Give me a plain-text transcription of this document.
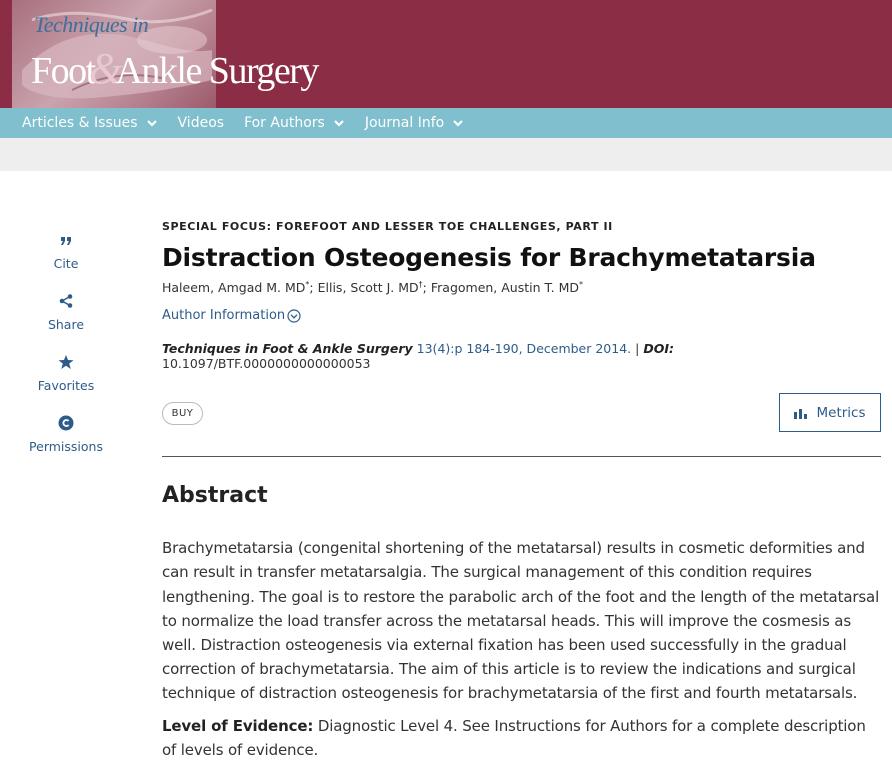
Techniques in
Foot&Ankle Surgery
Articles & Issues	Videos For Authors	Journal Info
Cite
Share
Favorites
Permissions
SPECIAL FOCUS: FOREFOOT AND LESSER TOE CHALLENGES, PART II
Distraction Osteogenesis for Brachymetatarsia
Haleem, Amgad M. MD*; Ellis, Scott J. MD†; Fragomen, Austin T. MD*
Author Information
Techniques in Foot & Ankle Surgery 13(4):p 184-190, December 2014. | DOI: 10.1097/BTF.0000000000000053
BUY	Metrics
Abstract

Brachymetatarsia (congenital shortening of the metatarsal) results in cosmetic deformities and can result in transfer metatarsalgia. The surgical management of this condition requires lengthening. The goal is to restore the parabolic arch of the foot and the length of the metatarsal to normalize the load transfer across the metatarsal heads. This will improve the cosmesis as well. Distraction osteogenesis via external fixation has been used successfully in the gradual correction of brachymetatarsia. The aim of this article is to review the indications and surgical technique of distraction osteogenesis for brachymetatarsia of the first and fourth metatarsals.

Level of Evidence: Diagnostic Level 4. See Instructions for Authors for a complete description of levels of evidence.
